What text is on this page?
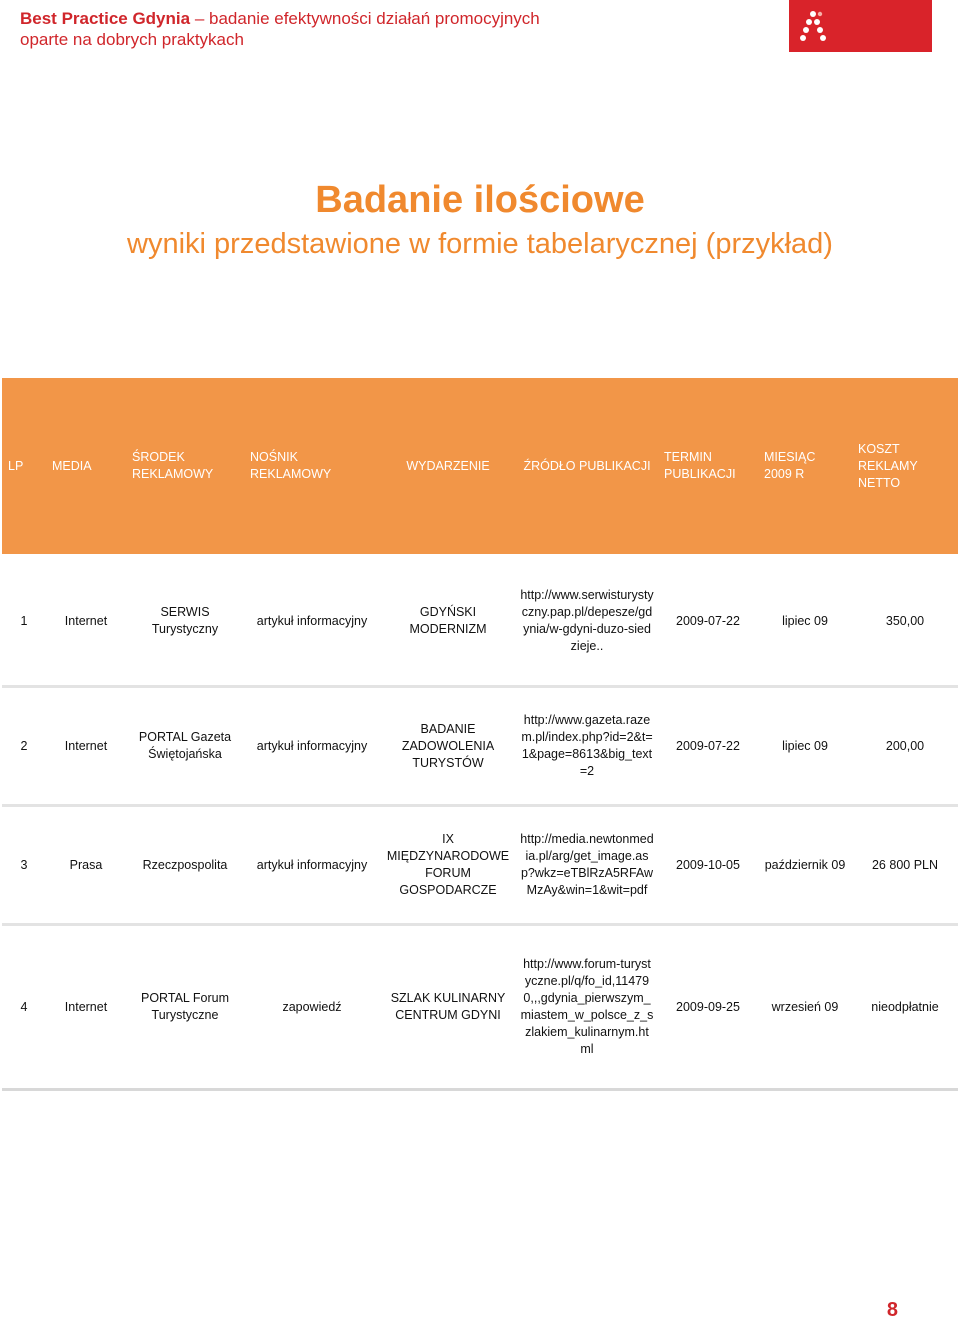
Best Practice Gdynia – badanie efektywności działań promocyjnych
oparte na dobrych praktykach
Badanie ilościowe
wyniki przedstawione w formie tabelarycznej (przykład)
LP	MEDIA	ŚRODEK REKLAMOWY	NOŚNIK REKLAMOWY	WYDARZENIE	ŹRÓDŁO PUBLIKACJI	TERMIN PUBLIKACJI	MIESIĄC 2009 R	KOSZT REKLAMY NETTO
1	Internet	SERWIS Turystyczny	artykuł informacyjny	GDYŃSKI MODERNIZM	http://www.serwisturystyczny.pap.pl/depesze/gdynia/w-gdyni-duzo-siedzieje..	2009-07-22	lipiec 09	350,00
2	Internet	PORTAL Gazeta Świętojańska	artykuł informacyjny	BADANIE ZADOWOLENIA TURYSTÓW	http://www.gazeta.razem.pl/index.php?id=2&t=1&page=8613&big_text=2	2009-07-22	lipiec 09	200,00
3	Prasa	Rzeczpospolita	artykuł informacyjny	IX MIĘDZYNARODOWE FORUM GOSPODARCZE	http://media.newtonmedia.pl/arg/get_image.asp?wkz=eTBlRzA5RFAwMzAy&win=1&wit=pdf	2009-10-05	październik 09	26 800 PLN
4	Internet	PORTAL Forum Turystyczne	zapowiedź	SZLAK KULINARNY CENTRUM GDYNI	http://www.forum-turystyczne.pl/q/fo_id,114790,,,gdynia_pierwszym_miastem_w_polsce_z_szlakiem_kulinarnym.html	2009-09-25	wrzesień 09	nieodpłatnie
8
